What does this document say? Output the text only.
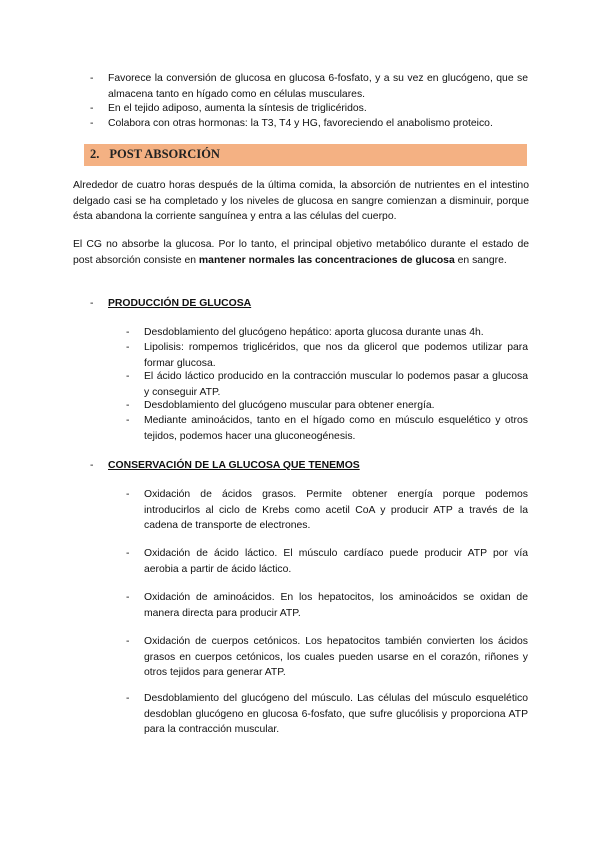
- Favorece la conversión de glucosa en glucosa 6-fosfato, y a su vez en glucógeno, que se almacena tanto en hígado como en células musculares.
- En el tejido adiposo, aumenta la síntesis de triglicéridos.
- Colabora con otras hormonas: la T3, T4 y HG, favoreciendo el anabolismo proteico.
2. POST ABSORCIÓN
Alrededor de cuatro horas después de la última comida, la absorción de nutrientes en el intestino delgado casi se ha completado y los niveles de glucosa en sangre comienzan a disminuir, porque ésta abandona la corriente sanguínea y entra a las células del cuerpo.
El CG no absorbe la glucosa. Por lo tanto, el principal objetivo metabólico durante el estado de post absorción consiste en mantener normales las concentraciones de glucosa en sangre.
- PRODUCCIÓN DE GLUCOSA
- Desdoblamiento del glucógeno hepático: aporta glucosa durante unas 4h.
- Lipolisis: rompemos triglicéridos, que nos da glicerol que podemos utilizar para formar glucosa.
- El ácido láctico producido en la contracción muscular lo podemos pasar a glucosa y conseguir ATP.
- Desdoblamiento del glucógeno muscular para obtener energía.
- Mediante aminoácidos, tanto en el hígado como en músculo esquelético y otros tejidos, podemos hacer una gluconeogénesis.
- CONSERVACIÓN DE LA GLUCOSA QUE TENEMOS
- Oxidación de ácidos grasos. Permite obtener energía porque podemos introducirlos al ciclo de Krebs como acetil CoA y producir ATP a través de la cadena de transporte de electrones.
- Oxidación de ácido láctico. El músculo cardíaco puede producir ATP por vía aerobia a partir de ácido láctico.
- Oxidación de aminoácidos. En los hepatocitos, los aminoácidos se oxidan de manera directa para producir ATP.
- Oxidación de cuerpos cetónicos. Los hepatocitos también convierten los ácidos grasos en cuerpos cetónicos, los cuales pueden usarse en el corazón, riñones y otros tejidos para generar ATP.
- Desdoblamiento del glucógeno del músculo. Las células del músculo esquelético desdoblan glucógeno en glucosa 6-fosfato, que sufre glucólisis y proporciona ATP para la contracción muscular.
